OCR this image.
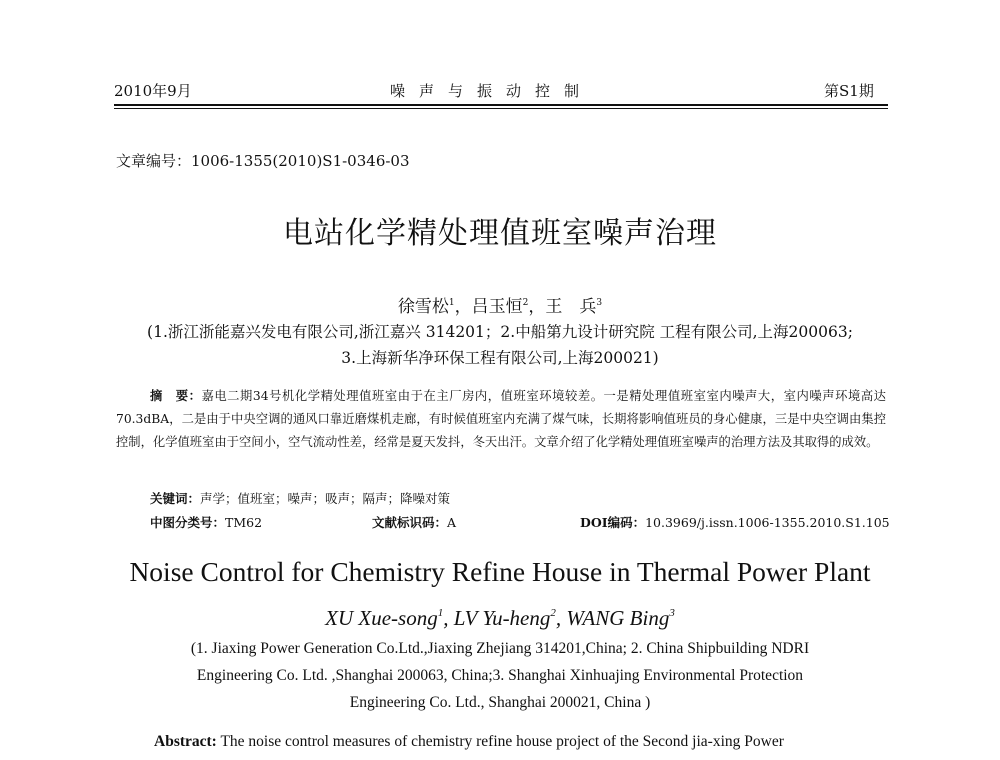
2010年9月	噪声与振动控制	第S1期
文章编号：1006-1355(2010)S1-0346-03
电站化学精处理值班室噪声治理
徐雪松$^1$，吕玉恒$^2$，王　兵$^3$
(1.浙江浙能嘉兴发电有限公司,浙江嘉兴 314201；2.中船第九设计研究院 工程有限公司,上海200063;
3.上海新华净环保工程有限公司,上海200021)
摘　要：嘉电二期34号机化学精处理值班室由于在主厂房内，值班室环境较差。一是精处理值班室室内噪声大，室内噪声环境高达70.3dBA，二是由于中央空调的通风口靠近磨煤机走廊，有时候值班室内充满了煤气味，长期将影响值班员的身心健康，三是中央空调由集控控制，化学值班室由于空间小，空气流动性差，经常是夏天发抖，冬天出汗。文章介绍了化学精处理值班室噪声的治理方法及其取得的成效。
关键词：声学；值班室；噪声；吸声；隔声；降噪对策
中图分类号：TM62	文献标识码：A	DOI编码：10.3969/j.issn.1006-1355.2010.S1.105
Noise Control for Chemistry Refine House in Thermal Power Plant
XU Xue-song$^1$, LV Yu-heng$^2$, WANG Bing$^3$
(1. Jiaxing Power Generation Co.Ltd.,Jiaxing Zhejiang 314201,China; 2. China Shipbuilding NDRI
Engineering Co. Ltd. ,Shanghai 200063, China;3. Shanghai Xinhuajing Environmental Protection
Engineering Co. Ltd., Shanghai 200021, China )
Abstract: The noise control measures of chemistry refine house project of the Second jia-xing Power
